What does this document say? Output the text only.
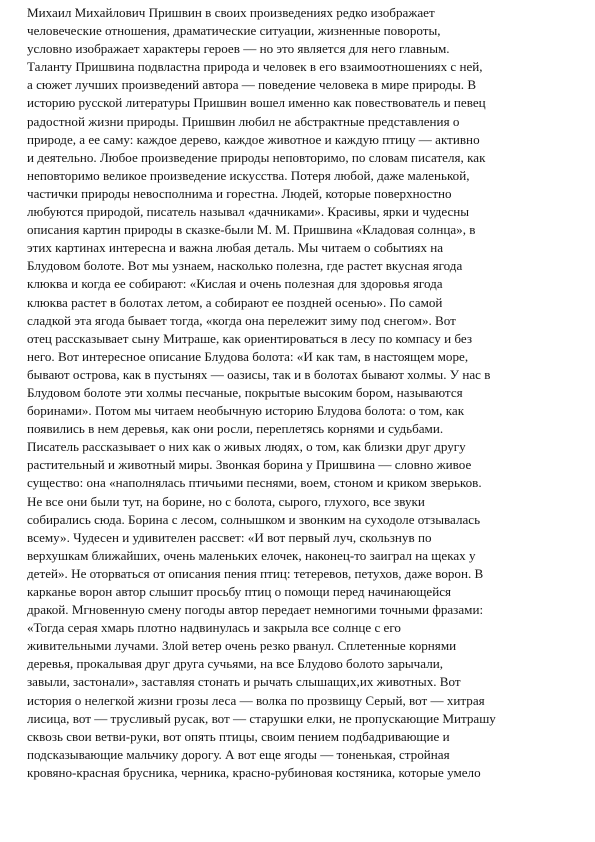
Михаил Михайлович Пришвин в своих произведениях редко изображает
человеческие отношения, драматические ситуации, жизненные повороты,
условно изображает характеры героев — но это является для него главным.
Таланту Пришвина подвластна природа и человек в его взаимоотношениях с ней,
а сюжет лучших произведений автора — поведение человека в мире природы. В
историю русской литературы Пришвин вошел именно как повествователь и певец
радостной жизни природы. Пришвин любил не абстрактные представления о
природе, а ее саму: каждое дерево, каждое животное и каждую птицу — активно
и деятельно. Любое произведение природы неповторимо, по словам писателя, как
неповторимо великое произведение искусства. Потеря любой, даже маленькой,
частички природы невосполнима и горестна. Людей, которые поверхностно
любуются природой, писатель называл «дачниками». Красивы, ярки и чудесны
описания картин природы в сказке-были М. М. Пришвина «Кладовая солнца», в
этих картинах интересна и важна любая деталь. Мы читаем о событиях на
Блудовом болоте. Вот мы узнаем, насколько полезна, где растет вкусная ягода
клюква и когда ее собирают: «Кислая и очень полезная для здоровья ягода
клюква растет в болотах летом, а собирают ее поздней осенью». По самой
сладкой эта ягода бывает тогда, «когда она перележит зиму под снегом». Вот
отец рассказывает сыну Митраше, как ориентироваться в лесу по компасу и без
него. Вот интересное описание Блудова болота: «И как там, в настоящем море,
бывают острова, как в пустынях — оазисы, так и в болотах бывают холмы. У нас в
Блудовом болоте эти холмы песчаные, покрытые высоким бором, называются
боринами». Потом мы читаем необычную историю Блудова болота: о том, как
появились в нем деревья, как они росли, переплетясь корнями и судьбами.
Писатель рассказывает о них как о живых людях, о том, как близки друг другу
растительный и животный миры. Звонкая борина у Пришвина — словно живое
существо: она «наполнялась птичьими песнями, воем, стоном и криком зверьков.
Не все они были тут, на борине, но с болота, сырого, глухого, все звуки
собирались сюда. Борина с лесом, солнышком и звонким на суходоле отзывалась
всему». Чудесен и удивителен рассвет: «И вот первый луч, скользнув по
верхушкам ближайших, очень маленьких елочек, наконец-то заиграл на щеках у
детей». Не оторваться от описания пения птиц: тетеревов, петухов, даже ворон. В
карканье ворон автор слышит просьбу птиц о помощи перед начинающейся
дракой. Мгновенную смену погоды автор передает немногими точными фразами:
«Тогда серая хмарь плотно надвинулась и закрыла все солнце с его
живительными лучами. Злой ветер очень резко рванул. Сплетенные корнями
деревья, прокалывая друг друга сучьями, на все Блудово болото зарычали,
завыли, застонали», заставляя стонать и рычать слышащих,их животных. Вот
история о нелегкой жизни грозы леса — волка по прозвищу Серый, вот — хитрая
лисица, вот — трусливый русак, вот — старушки елки, не пропускающие Митрашу
сквозь свои ветви-руки, вот опять птицы, своим пением подбадривающие и
подсказывающие мальчику дорогу. А вот еще ягоды — тоненькая, стройная
кровяно-красная брусника, черника, красно-рубиновая костяника, которые умело
